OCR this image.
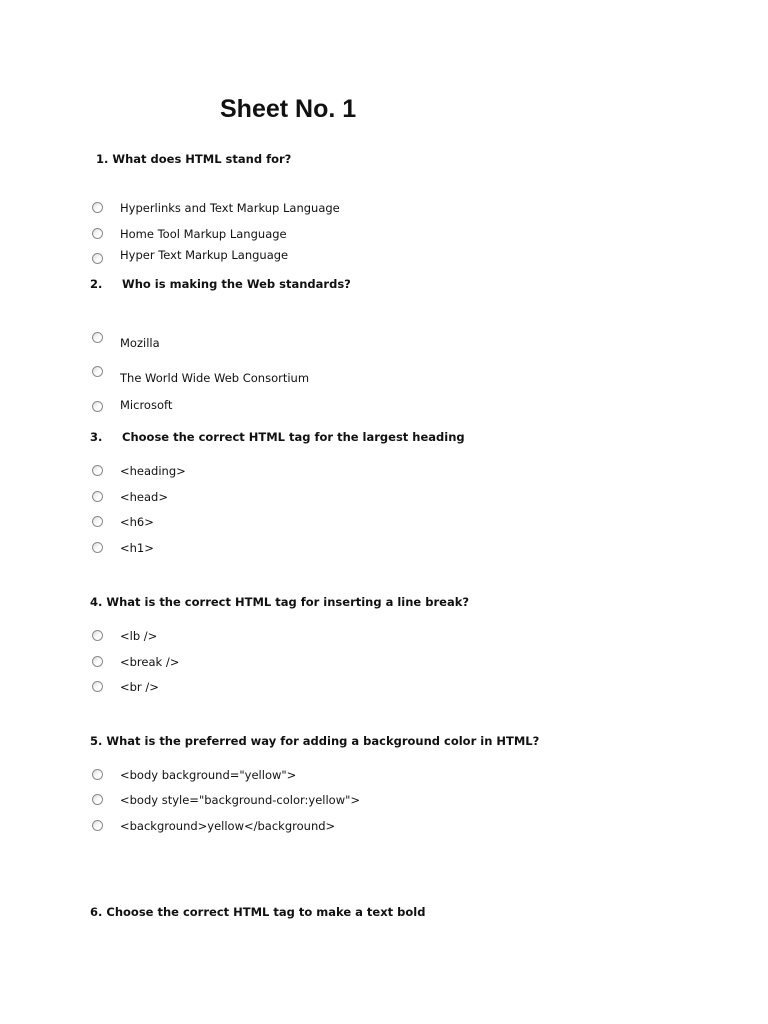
Sheet No. 1

1. What does HTML stand for?

Hyperlinks and Text Markup Language
Home Tool Markup Language
Hyper Text Markup Language

2. Who is making the Web standards?

Mozilla
The World Wide Web Consortium
Microsoft

3. Choose the correct HTML tag for the largest heading

<heading>
<head>
<h6>
<h1>

4. What is the correct HTML tag for inserting a line break?

<lb />
<break />
<br />

5. What is the preferred way for adding a background color in HTML?

<body background="yellow">
<body style="background-color:yellow">
<background>yellow</background>

6. Choose the correct HTML tag to make a text bold
